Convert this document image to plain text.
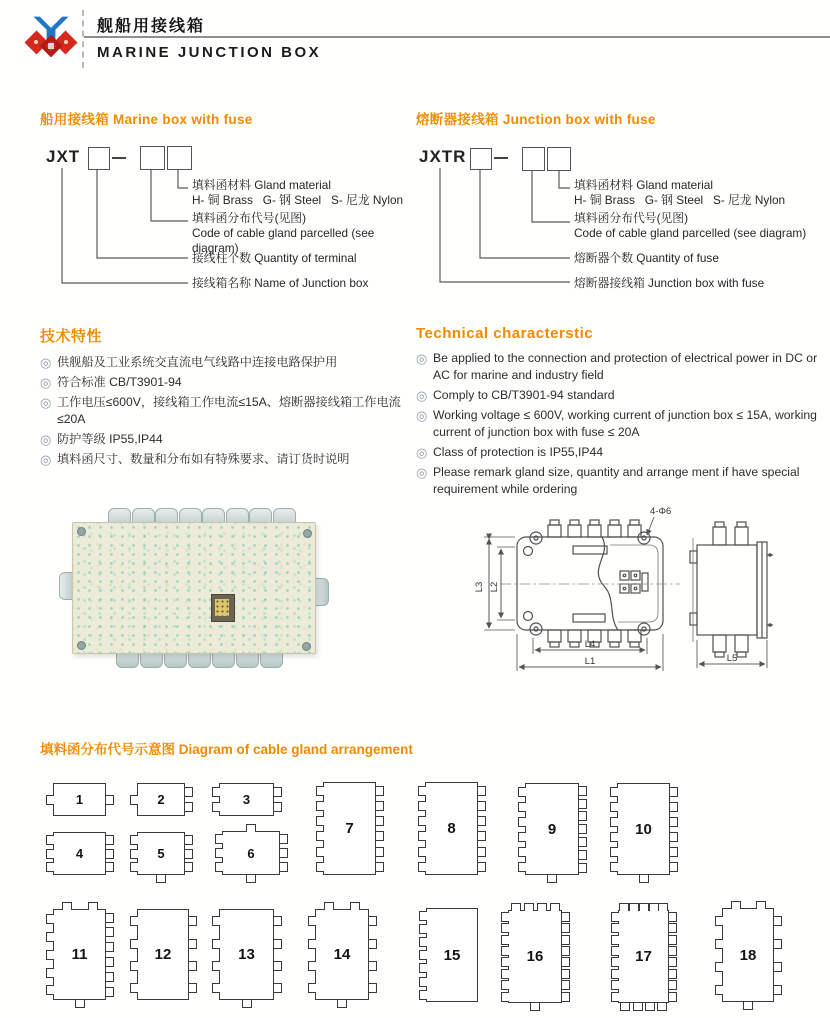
舰船用接线箱
MARINE JUNCTION BOX
船用接线箱 Marine box with fuse	熔断器接线箱 Junction box with fuse
JXT
填料函材料 Gland material
H- 铜 Brass   G- 钢 Steel   S- 尼龙 Nylon
填料函分布代号(见图)
Code of cable gland parcelled (see diagram)
接线柱个数 Quantity of terminal
接线箱名称 Name of Junction box
JXTR
填料函材料 Gland material
H- 铜 Brass   G- 钢 Steel   S- 尼龙 Nylon
填料函分布代号(见图)
Code of cable gland parcelled (see diagram)
熔断器个数 Quantity of fuse
熔断器接线箱 Junction box with fuse
技术特性
◎ 供舰船及工业系统交直流电气线路中连接电路保护用
◎ 符合标准 CB/T3901-94
◎ 工作电压≤600V，接线箱工作电流≤15A、熔断器接线箱工作电流≤20A
◎ 防护等级 IP55,IP44
◎ 填料函尺寸、数量和分布如有特殊要求、请订货时说明
Technical characterstic
◎ Be applied to the connection and protection of electrical power in DC or AC for marine and industry field
◎ Comply to CB/T3901-94 standard
◎ Working voltage ≤ 600V, working current of junction box ≤ 15A, working current of junction box with fuse ≤ 20A
◎ Class of protection is IP55,IP44
◎ Please remark gland size, quantity and arrange ment if have special requirement while ordering
L3 L2
L4
L1	L5
4-Φ6
填料函分布代号示意图 Diagram of cable gland arrangement
1	2	3
4	5	6
7	8	9	10
11	12	13	14	15	16	17	18
